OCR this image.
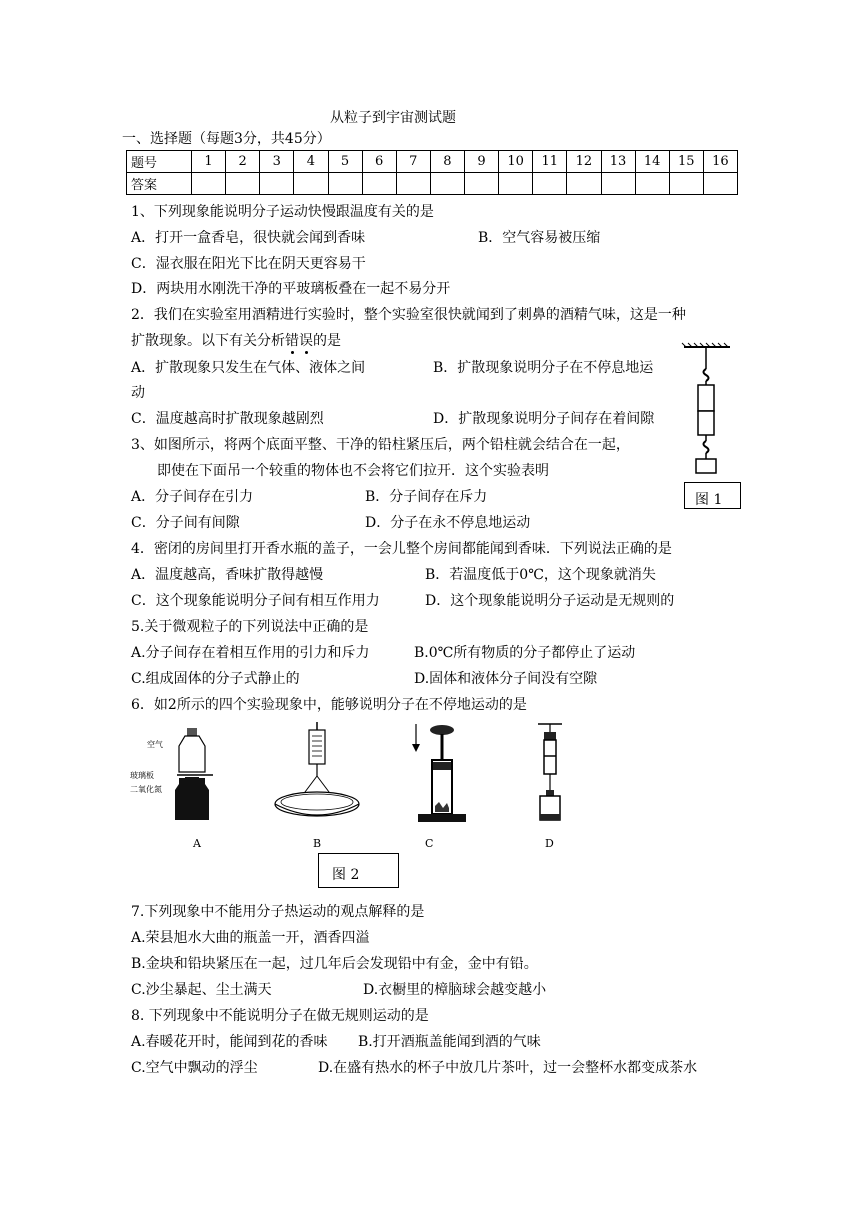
从粒子到宇宙测试题
一、选择题（每题3分，共45分）
题号	1	2	3	4	5	6	7	8	9	10	11	12	13	14	15	16
答案																
1、下列现象能说明分子运动快慢跟温度有关的是
A．打开一盒香皂，很快就会闻到香味	B．空气容易被压缩
C．湿衣服在阳光下比在阴天更容易干
D．两块用水刚洗干净的平玻璃板叠在一起不易分开
2．我们在实验室用酒精进行实验时，整个实验室很快就闻到了刺鼻的酒精气味，这是一种
扩散现象。以下有关分析错误的是
A．扩散现象只发生在气体、液体之间	B．扩散现象说明分子在不停息地运
动
C．温度越高时扩散现象越剧烈	D．扩散现象说明分子间存在着间隙
图 1
3、如图所示，将两个底面平整、干净的铅柱紧压后，两个铅柱就会结合在一起，
即使在下面吊一个较重的物体也不会将它们拉开．这个实验表明
A．分子间存在引力	B．分子间存在斥力
C．分子间有间隙	D．分子在永不停息地运动
4．密闭的房间里打开香水瓶的盖子，一会儿整个房间都能闻到香味．下列说法正确的是
A．温度越高，香味扩散得越慢	B．若温度低于0℃，这个现象就消失
C．这个现象能说明分子间有相互作用力	D．这个现象能说明分子运动是无规则的
5.关于微观粒子的下列说法中正确的是
A.分子间存在着相互作用的引力和斥力	B.0℃所有物质的分子都停止了运动
C.组成固体的分子式静止的	D.固体和液体分子间没有空隙
6．如2所示的四个实验现象中，能够说明分子在不停地运动的是
空气
玻璃板
二氧化氮
A	B	C	D
图 2
7.下列现象中不能用分子热运动的观点解释的是
A.荣县旭水大曲的瓶盖一开，酒香四溢
B.金块和铅块紧压在一起，过几年后会发现铅中有金，金中有铅。
C.沙尘暴起、尘土满天	D.衣橱里的樟脑球会越变越小
8. 下列现象中不能说明分子在做无规则运动的是
A.春暖花开时，能闻到花的香味 B.打开酒瓶盖能闻到酒的气味
C.空气中飘动的浮尘	D.在盛有热水的杯子中放几片茶叶，过一会整杯水都变成茶水
